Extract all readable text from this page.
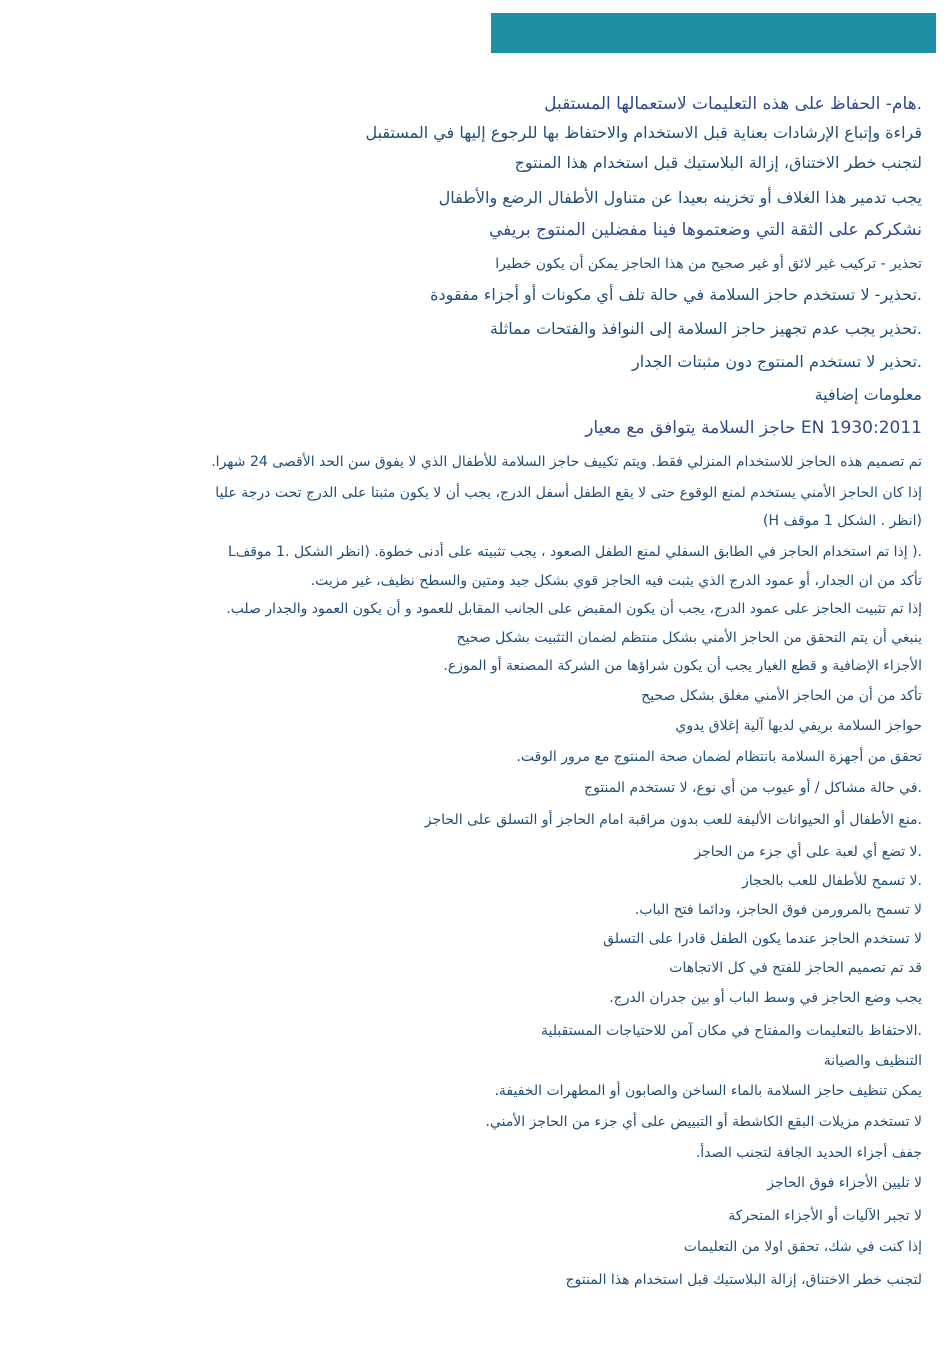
.هام- الحفاظ على هذه التعليمات لاستعمالها المستقبل
قراءة وإتباع الإرشادات بعناية قبل الاستخدام والاحتفاظ بها للرجوع إليها في المستقبل
لتجنب خطر الاختناق، إزالة البلاستيك قبل استخدام هذا المنتوج
يجب تدمير هذا الغلاف أو تخزينه بعيدا عن متناول الأطفال الرضع والأطفال
نشكركم على الثقة التي وضعتموها فينا مفضلين المنتوج بريفي
تحذير - تركيب غير لائق أو غير صحيح من هذا الحاجز يمكن أن يكون خطيرا
.تحذير- لا تستخدم حاجز السلامة في حالة تلف أي مكونات أو أجزاء مفقودة
.تحذير يجب عدم تجهيز حاجز السلامة إلى النوافذ والفتحات مماثلة
.تحذير لا تستخدم المنتوج دون مثبتات الجدار
معلومات إضافية
EN 1930:2011 حاجز السلامة يتوافق مع معيار
تم تصميم هذه الحاجز للاستخدام المنزلي فقط. ويتم تكييف حاجز السلامة للأطفال الذي لا يفوق سن الحد الأقصى 24 شهرا.
إذا كان الحاجز الأمني يستخدم لمنع الوقوع حتى لا يقع الطفل أسفل الدرج، يجب أن لا يكون مثبتا على الدرج تحت درجة عليا
(انظر . الشكل 1 موقف H)
.( إذا تم استخدام الحاجز في الطابق السفلي لمنع الطفل الصعود ، يجب تثبيته على أدنى خطوة. (انظر الشكل .1 موقفL
تأكد من ان الجدار، أو عمود الدرج الذي يثبت فيه الحاجز قوي بشكل جيد ومتين والسطح نظيف، غير مزيت.
إذا تم تثبيت الحاجز على عمود الدرج، يجب أن يكون المقبض على الجانب المقابل للعمود و أن يكون العمود والجدار صلب.
ينبغي أن يتم التحقق من الحاجز الأمني بشكل منتظم لضمان التثبيت بشكل صحيح
الأجزاء الإضافية و قطع الغيار يجب أن يكون شراؤها من الشركة المصنعة أو الموزع.
تأكد من أن من الحاجز الأمني مغلق بشكل صحيح
حواجز السلامة بريفي لديها آلية إغلاق يدوي
تحقق من أجهزة السلامة بانتظام لضمان صحة المنتوج مع مرور الوقت.
.في حالة مشاكل / أو عيوب من أي نوع، لا تستخدم المنتوج
.منع الأطفال أو الحيوانات الأليفة للعب بدون مراقبة امام الحاجز أو التسلق على الحاجز
.لا تضع أي لعبة على أي جزء من الحاجز
.لا تسمح للأطفال للعب بالحجاز
لا تسمح بالمرورمن فوق الحاجز، ودائما فتح الباب.
لا تستخدم الحاجز عندما يكون الطفل قادرا على التسلق
قد تم تصميم الحاجز للفتح في كل الاتجاهات
يجب وضع الحاجز في وسط الباب أو بين جدران الدرج.
.الاحتفاظ بالتعليمات والمفتاح في مكان آمن للاحتياجات المستقبلية
التنظيف والصيانة
يمكن تنظيف حاجز السلامة بالماء الساخن والصابون أو المطهرات الخفيفة.
لا تستخدم مزيلات البقع الكاشطة أو التبييض على أي جزء من الحاجز الأمني.
جفف أجزاء الحديد الجافة لتجنب الصدأ.
لا تليين الأجزاء فوق الحاجز
لا تجبر الآليات أو الأجزاء المتحركة
إذا كنت في شك، تحقق اولا من التعليمات
لتجنب خطر الاختناق، إزالة البلاستيك قبل استخدام هذا المنتوج
